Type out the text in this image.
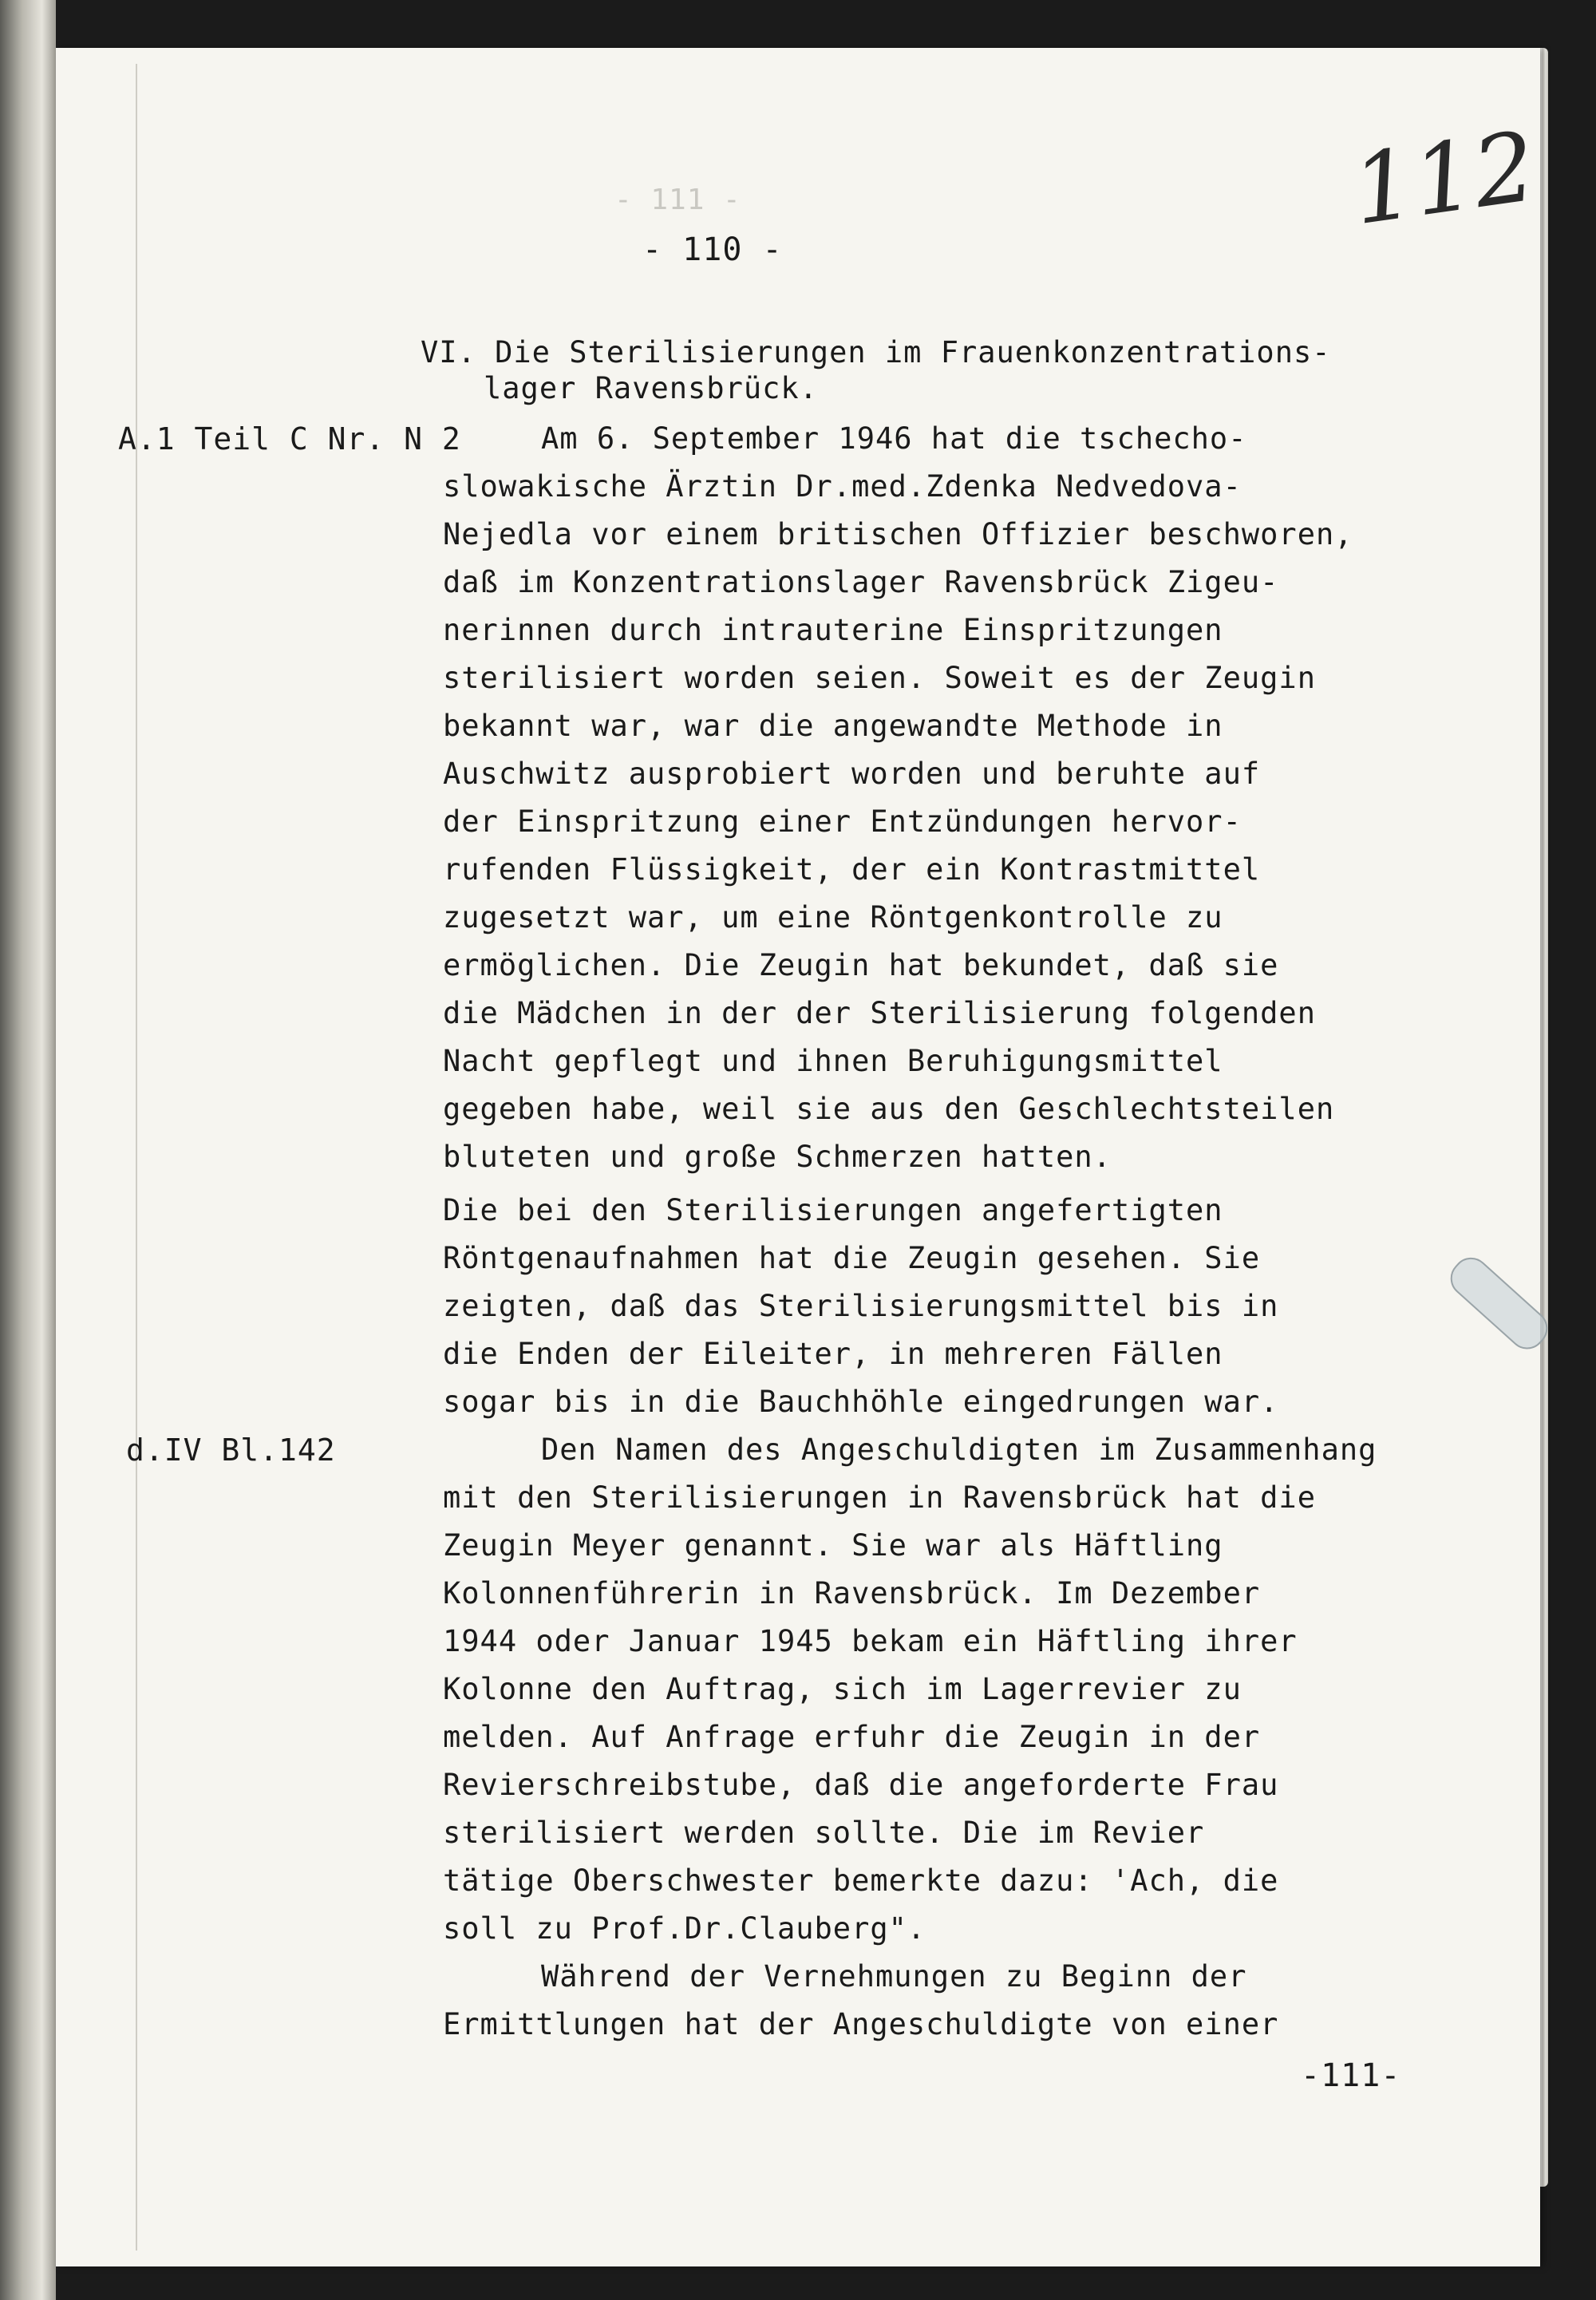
- 111 -	112
- 110 -
VI. Die Sterilisierungen im Frauenkonzentrations-
lager Ravensbrück.
A.1 Teil C Nr. N 2
d.IV Bl.142
Am 6. September 1946 hat die tschecho-
slowakische Ärztin Dr.med.Zdenka Nedvedova-
Nejedla vor einem britischen Offizier beschworen,
daß im Konzentrationslager Ravensbrück Zigeu-
nerinnen durch intrauterine Einspritzungen
sterilisiert worden seien. Soweit es der Zeugin
bekannt war, war die angewandte Methode in
Auschwitz ausprobiert worden und beruhte auf
der Einspritzung einer Entzündungen hervor-
rufenden Flüssigkeit, der ein Kontrastmittel
zugesetzt war, um eine Röntgenkontrolle zu
ermöglichen. Die Zeugin hat bekundet, daß sie
die Mädchen in der der Sterilisierung folgenden
Nacht gepflegt und ihnen Beruhigungsmittel
gegeben habe, weil sie aus den Geschlechtsteilen
bluteten und große Schmerzen hatten.
Die bei den Sterilisierungen angefertigten
Röntgenaufnahmen hat die Zeugin gesehen. Sie
zeigten, daß das Sterilisierungsmittel bis in
die Enden der Eileiter, in mehreren Fällen
sogar bis in die Bauchhöhle eingedrungen war.
Den Namen des Angeschuldigten im Zusammenhang
mit den Sterilisierungen in Ravensbrück hat die
Zeugin Meyer genannt. Sie war als Häftling
Kolonnenführerin in Ravensbrück. Im Dezember
1944 oder Januar 1945 bekam ein Häftling ihrer
Kolonne den Auftrag, sich im Lagerrevier zu
melden. Auf Anfrage erfuhr die Zeugin in der
Revierschreibstube, daß die angeforderte Frau
sterilisiert werden sollte. Die im Revier
tätige Oberschwester bemerkte dazu: 'Ach, die
soll zu Prof.Dr.Clauberg".
Während der Vernehmungen zu Beginn der
Ermittlungen hat der Angeschuldigte von einer
-111-
